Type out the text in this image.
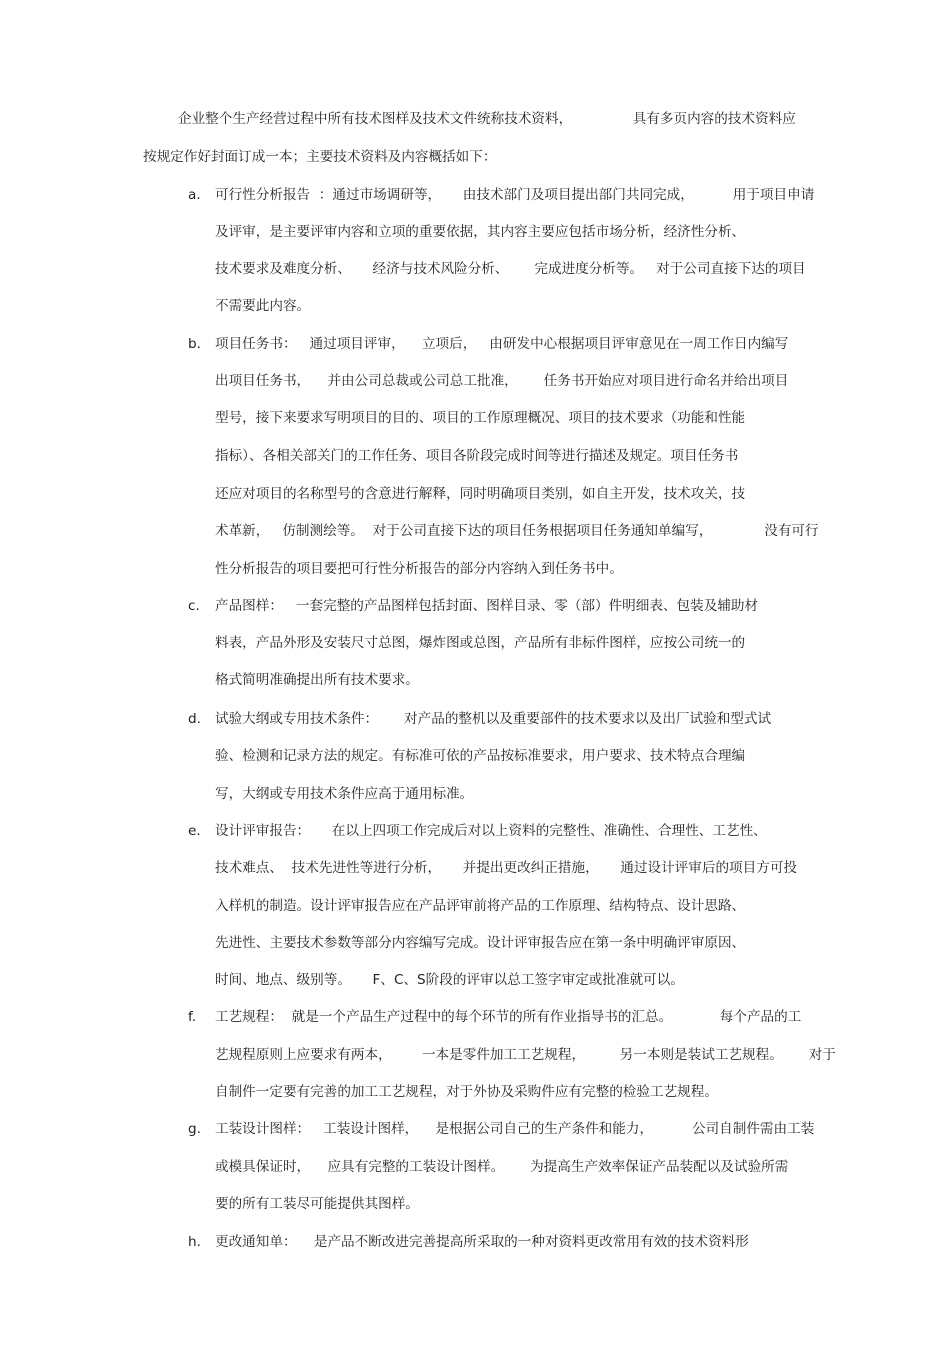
企业整个生产经营过程中所有技术图样及技术文件统称技术资料，              具有多页内容的技术资料应
按规定作好封面订成一本；主要技术资料及内容概括如下：
a. 可行性分析报告  ：通过市场调研等，     由技术部门及项目提出部门共同完成，         用于项目申请
及评审，是主要评审内容和立项的重要依据，其内容主要应包括市场分析，经济性分析、
技术要求及难度分析、     经济与技术风险分析、      完成进度分析等。   对于公司直接下达的项目
不需要此内容。
b. 项目任务书：   通过项目评审，    立项后，   由研发中心根据项目评审意见在一周工作日内编写
出项目任务书，    并由公司总裁或公司总工批准，      任务书开始应对项目进行命名并给出项目
型号，接下来要求写明项目的目的、项目的工作原理概况、项目的技术要求（功能和性能
指标）、各相关部关门的工作任务、项目各阶段完成时间等进行描述及规定。项目任务书
还应对项目的名称型号的含意进行解释，同时明确项目类别，如自主开发，技术攻关，技
术革新，   仿制测绘等。  对于公司直接下达的项目任务根据项目任务通知单编写，            没有可行
性分析报告的项目要把可行性分析报告的部分内容纳入到任务书中。
c. 产品图样：   一套完整的产品图样包括封面、图样目录、零（部）件明细表、包装及辅助材
料表，产品外形及安装尺寸总图，爆炸图或总图，产品所有非标件图样，应按公司统一的
格式简明准确提出所有技术要求。
d. 试验大纲或专用技术条件：      对产品的整机以及重要部件的技术要求以及出厂试验和型式试
验、检测和记录方法的规定。有标准可依的产品按标准要求，用户要求、技术特点合理编
写，大纲或专用技术条件应高于通用标准。
e. 设计评审报告：     在以上四项工作完成后对以上资料的完整性、准确性、合理性、工艺性、
技术难点、  技术先进性等进行分析，     并提出更改纠正措施，     通过设计评审后的项目方可投
入样机的制造。设计评审报告应在产品评审前将产品的工作原理、结构特点、设计思路、
先进性、主要技术参数等部分内容编写完成。设计评审报告应在第一条中明确评审原因、
时间、地点、级别等。     F、C、S阶段的评审以总工签字审定或批准就可以。
f. 工艺规程：  就是一个产品生产过程中的每个环节的所有作业指导书的汇总。           每个产品的工
艺规程原则上应要求有两本，       一本是零件加工工艺规程，        另一本则是装试工艺规程。      对于
自制件一定要有完善的加工工艺规程，对于外协及采购件应有完整的检验工艺规程。
g. 工装设计图样：   工装设计图样，    是根据公司自己的生产条件和能力，         公司自制件需由工装
或模具保证时，    应具有完整的工装设计图样。      为提高生产效率保证产品装配以及试验所需
要的所有工装尽可能提供其图样。
h. 更改通知单：    是产品不断改进完善提高所采取的一种对资料更改常用有效的技术资料形
